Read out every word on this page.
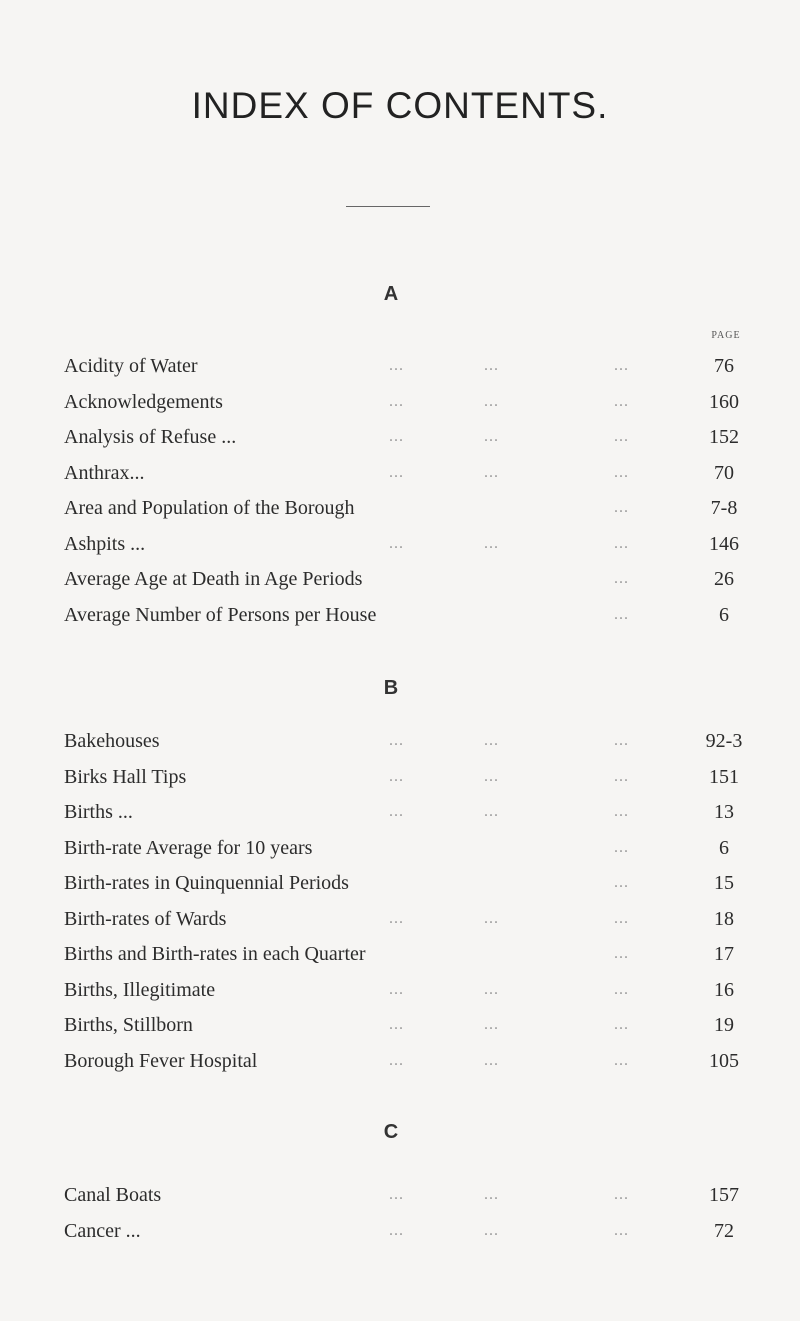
INDEX OF CONTENTS.
A
PAGE
Acidity of Water	...	...	...	76
Acknowledgements	...	...	...	160
Analysis of Refuse ...	...	...	...	152
Anthrax...	...	...	...	70
Area and Population of the Borough	...	7-8
Ashpits ...	...	...	...	146
Average Age at Death in Age Periods	...	26
Average Number of Persons per House	...	6
B
Bakehouses	...	...	...	92-3
Birks Hall Tips	...	...	...	151
Births ...	...	...	...	13
Birth-rate Average for 10 years	...	6
Birth-rates in Quinquennial Periods	...	15
Birth-rates of Wards	...	...	...	18
Births and Birth-rates in each Quarter	...	17
Births, Illegitimate	...	...	...	16
Births, Stillborn	...	...	...	19
Borough Fever Hospital	...	...	...	105
C
Canal Boats	...	...	...	157
Cancer ...	...	...	...	72
